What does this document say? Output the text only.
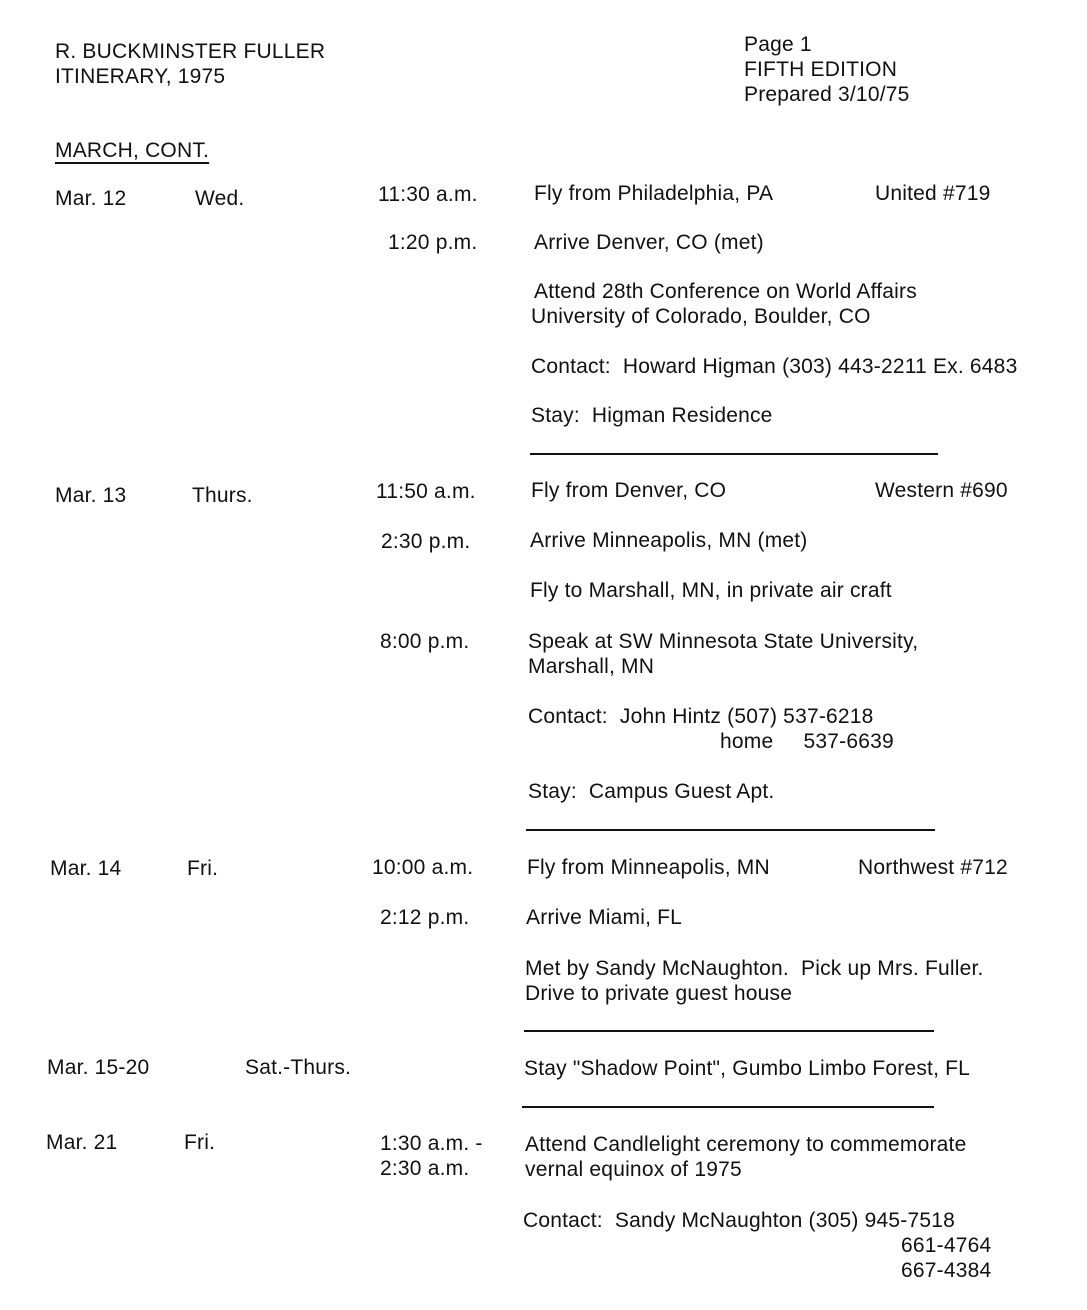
R. BUCKMINSTER FULLER
ITINERARY, 1975
Page 1
FIFTH EDITION
Prepared 3/10/75
MARCH, CONT.
Mar. 12	Wed.	11:30 a.m.	Fly from Philadelphia, PA	United #719
1:20 p.m.	Arrive Denver, CO (met)
Attend 28th Conference on World Affairs
University of Colorado, Boulder, CO
Contact:  Howard Higman (303) 443-2211 Ex. 6483
Stay:  Higman Residence
Mar. 13	Thurs.	11:50 a.m.	Fly from Denver, CO	Western #690
2:30 p.m.	Arrive Minneapolis, MN (met)
Fly to Marshall, MN, in private air craft
8:00 p.m.	Speak at SW Minnesota State University,
Marshall, MN
Contact:  John Hintz (507) 537-6218
home     537-6639
Stay:  Campus Guest Apt.
Mar. 14	Fri.	10:00 a.m.	Fly from Minneapolis, MN	Northwest #712
2:12 p.m.	Arrive Miami, FL
Met by Sandy McNaughton.  Pick up Mrs. Fuller.
Drive to private guest house
Mar. 15-20	Sat.-Thurs.	Stay "Shadow Point", Gumbo Limbo Forest, FL
Mar. 21	Fri.	1:30 a.m. -
2:30 a.m.
Attend Candlelight ceremony to commemorate
vernal equinox of 1975
Contact:  Sandy McNaughton (305) 945-7518
661-4764
667-4384
